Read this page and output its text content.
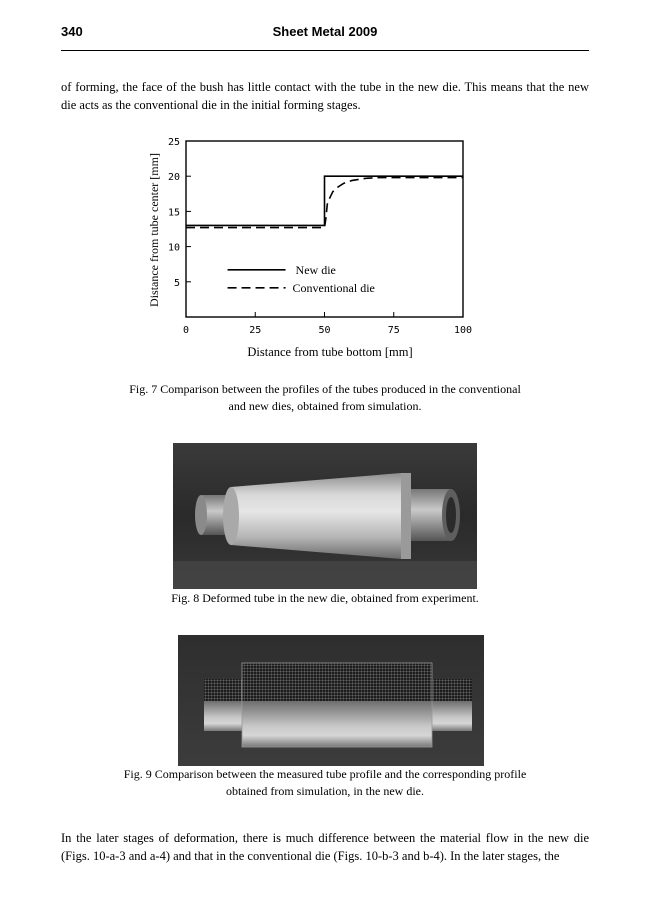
340	Sheet Metal 2009
of forming, the face of the bush has little contact with the tube in the new die. This means that the new die acts as the conventional die in the initial forming stages.
0	25	50	75	100
5
10
15
20
25
New die
Conventional die
Distance from tube bottom [mm]
Distance from tube center [mm]
Fig. 7 Comparison between the profiles of the tubes produced in the conventional
and new dies, obtained from simulation.
Fig. 8 Deformed tube in the new die, obtained from experiment.
Fig. 9 Comparison between the measured tube profile and the corresponding profile
obtained from simulation, in the new die.
In the later stages of deformation, there is much difference between the material flow in the new die (Figs. 10-a-3 and a-4) and that in the conventional die (Figs. 10-b-3 and b-4). In the later stages, the
